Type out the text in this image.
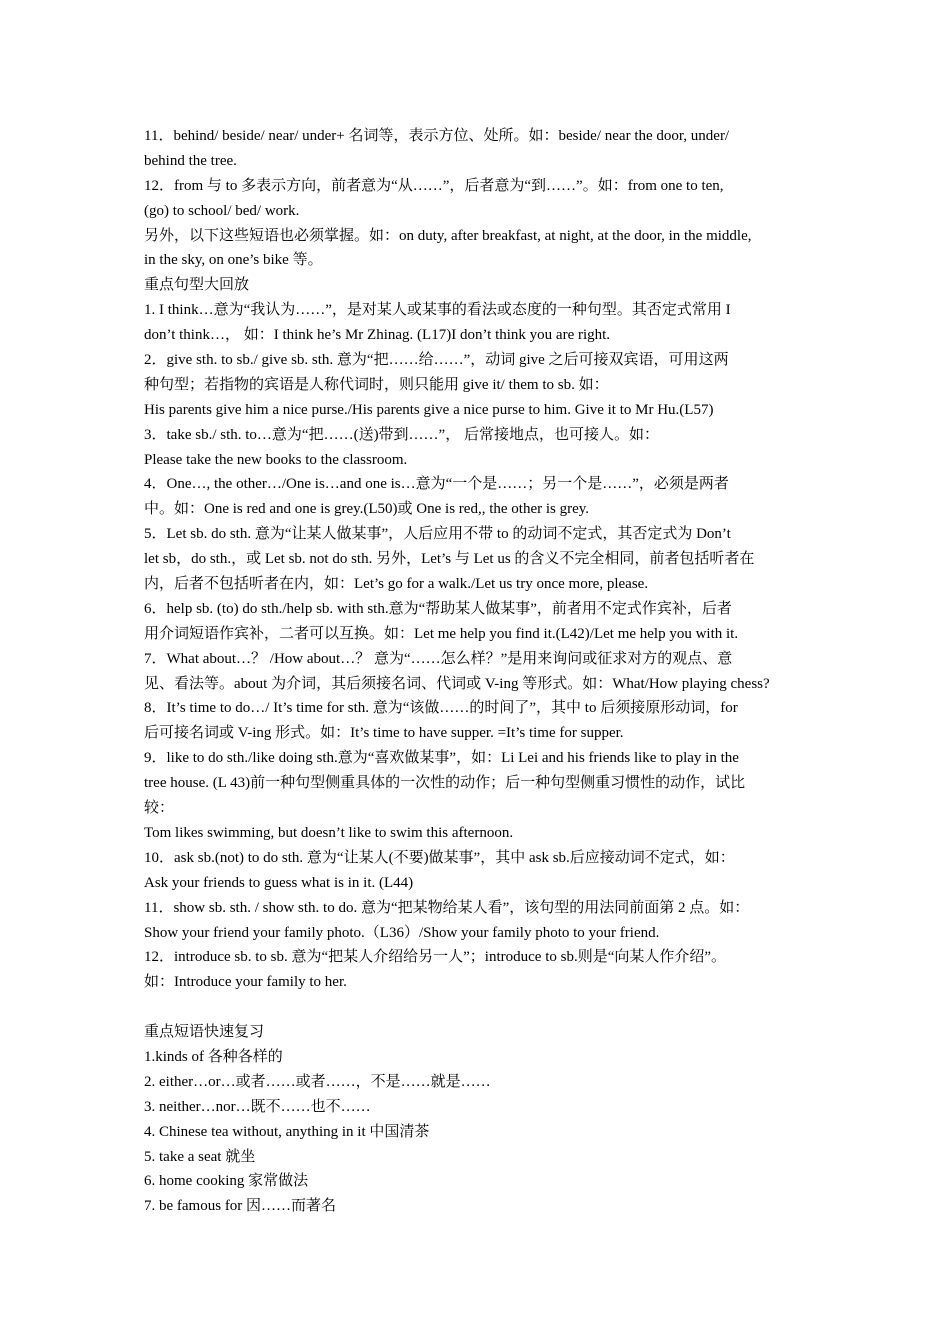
11．behind/ beside/ near/ under+ 名词等，表示方位、处所。如：beside/ near the door, under/
behind the tree.
12．from 与 to 多表示方向，前者意为“从……”，后者意为“到……”。如：from one to ten,
(go) to school/ bed/ work.
另外，以下这些短语也必须掌握。如：on duty, after breakfast, at night, at the door, in the middle,
in the sky, on one’s bike 等。
重点句型大回放
1. I think…意为“我认为……”，是对某人或某事的看法或态度的一种句型。其否定式常用 I
don’t think…， 如：I think he’s Mr Zhinag. (L17)I don’t think you are right.
2．give sth. to sb./ give sb. sth. 意为“把……给……”，动词 give 之后可接双宾语，可用这两
种句型；若指物的宾语是人称代词时，则只能用 give it/ them to sb. 如：
His parents give him a nice purse./His parents give a nice purse to him. Give it to Mr Hu.(L57)
3．take sb./ sth. to…意为“把……(送)带到……”， 后常接地点，也可接人。如：
Please take the new books to the classroom.
4．One…, the other…/One is…and one is…意为“一个是……；另一个是……”，必须是两者
中。如：One is red and one is grey.(L50)或 One is red,, the other is grey.
5．Let sb. do sth. 意为“让某人做某事”，人后应用不带 to 的动词不定式，其否定式为 Don’t
let sb，do sth.，或 Let sb. not do sth. 另外，Let’s 与 Let us 的含义不完全相同，前者包括听者在
内，后者不包括听者在内，如：Let’s go for a walk./Let us try once more, please.
6．help sb. (to) do sth./help sb. with sth.意为“帮助某人做某事”，前者用不定式作宾补，后者
用介词短语作宾补，二者可以互换。如：Let me help you find it.(L42)/Let me help you with it.
7．What about…？ /How about…？ 意为“……怎么样？”是用来询问或征求对方的观点、意
见、看法等。about 为介词，其后须接名词、代词或 V-ing 等形式。如：What/How playing chess?
8．It’s time to do…/ It’s time for sth. 意为“该做……的时间了”，其中 to 后须接原形动词，for
后可接名词或 V-ing 形式。如：It’s time to have supper. =It’s time for supper.
9．like to do sth./like doing sth.意为“喜欢做某事”，如：Li Lei and his friends like to play in the
tree house. (L 43)前一种句型侧重具体的一次性的动作；后一种句型侧重习惯性的动作，试比
较：
Tom likes swimming, but doesn’t like to swim this afternoon.
10．ask sb.(not) to do sth. 意为“让某人(不要)做某事”，其中 ask sb.后应接动词不定式，如：
Ask your friends to guess what is in it. (L44)
11．show sb. sth. / show sth. to do. 意为“把某物给某人看”，该句型的用法同前面第 2 点。如：
Show your friend your family photo.（L36）/Show your family photo to your friend.
12．introduce sb. to sb. 意为“把某人介绍给另一人”；introduce to sb.则是“向某人作介绍”。
如：Introduce your family to her.
重点短语快速复习
1.kinds of 各种各样的
2. either…or…或者……或者……，不是……就是……
3. neither…nor…既不……也不……
4. Chinese tea without, anything in it 中国清茶
5. take a seat 就坐
6. home cooking 家常做法
7. be famous for 因……而著名
